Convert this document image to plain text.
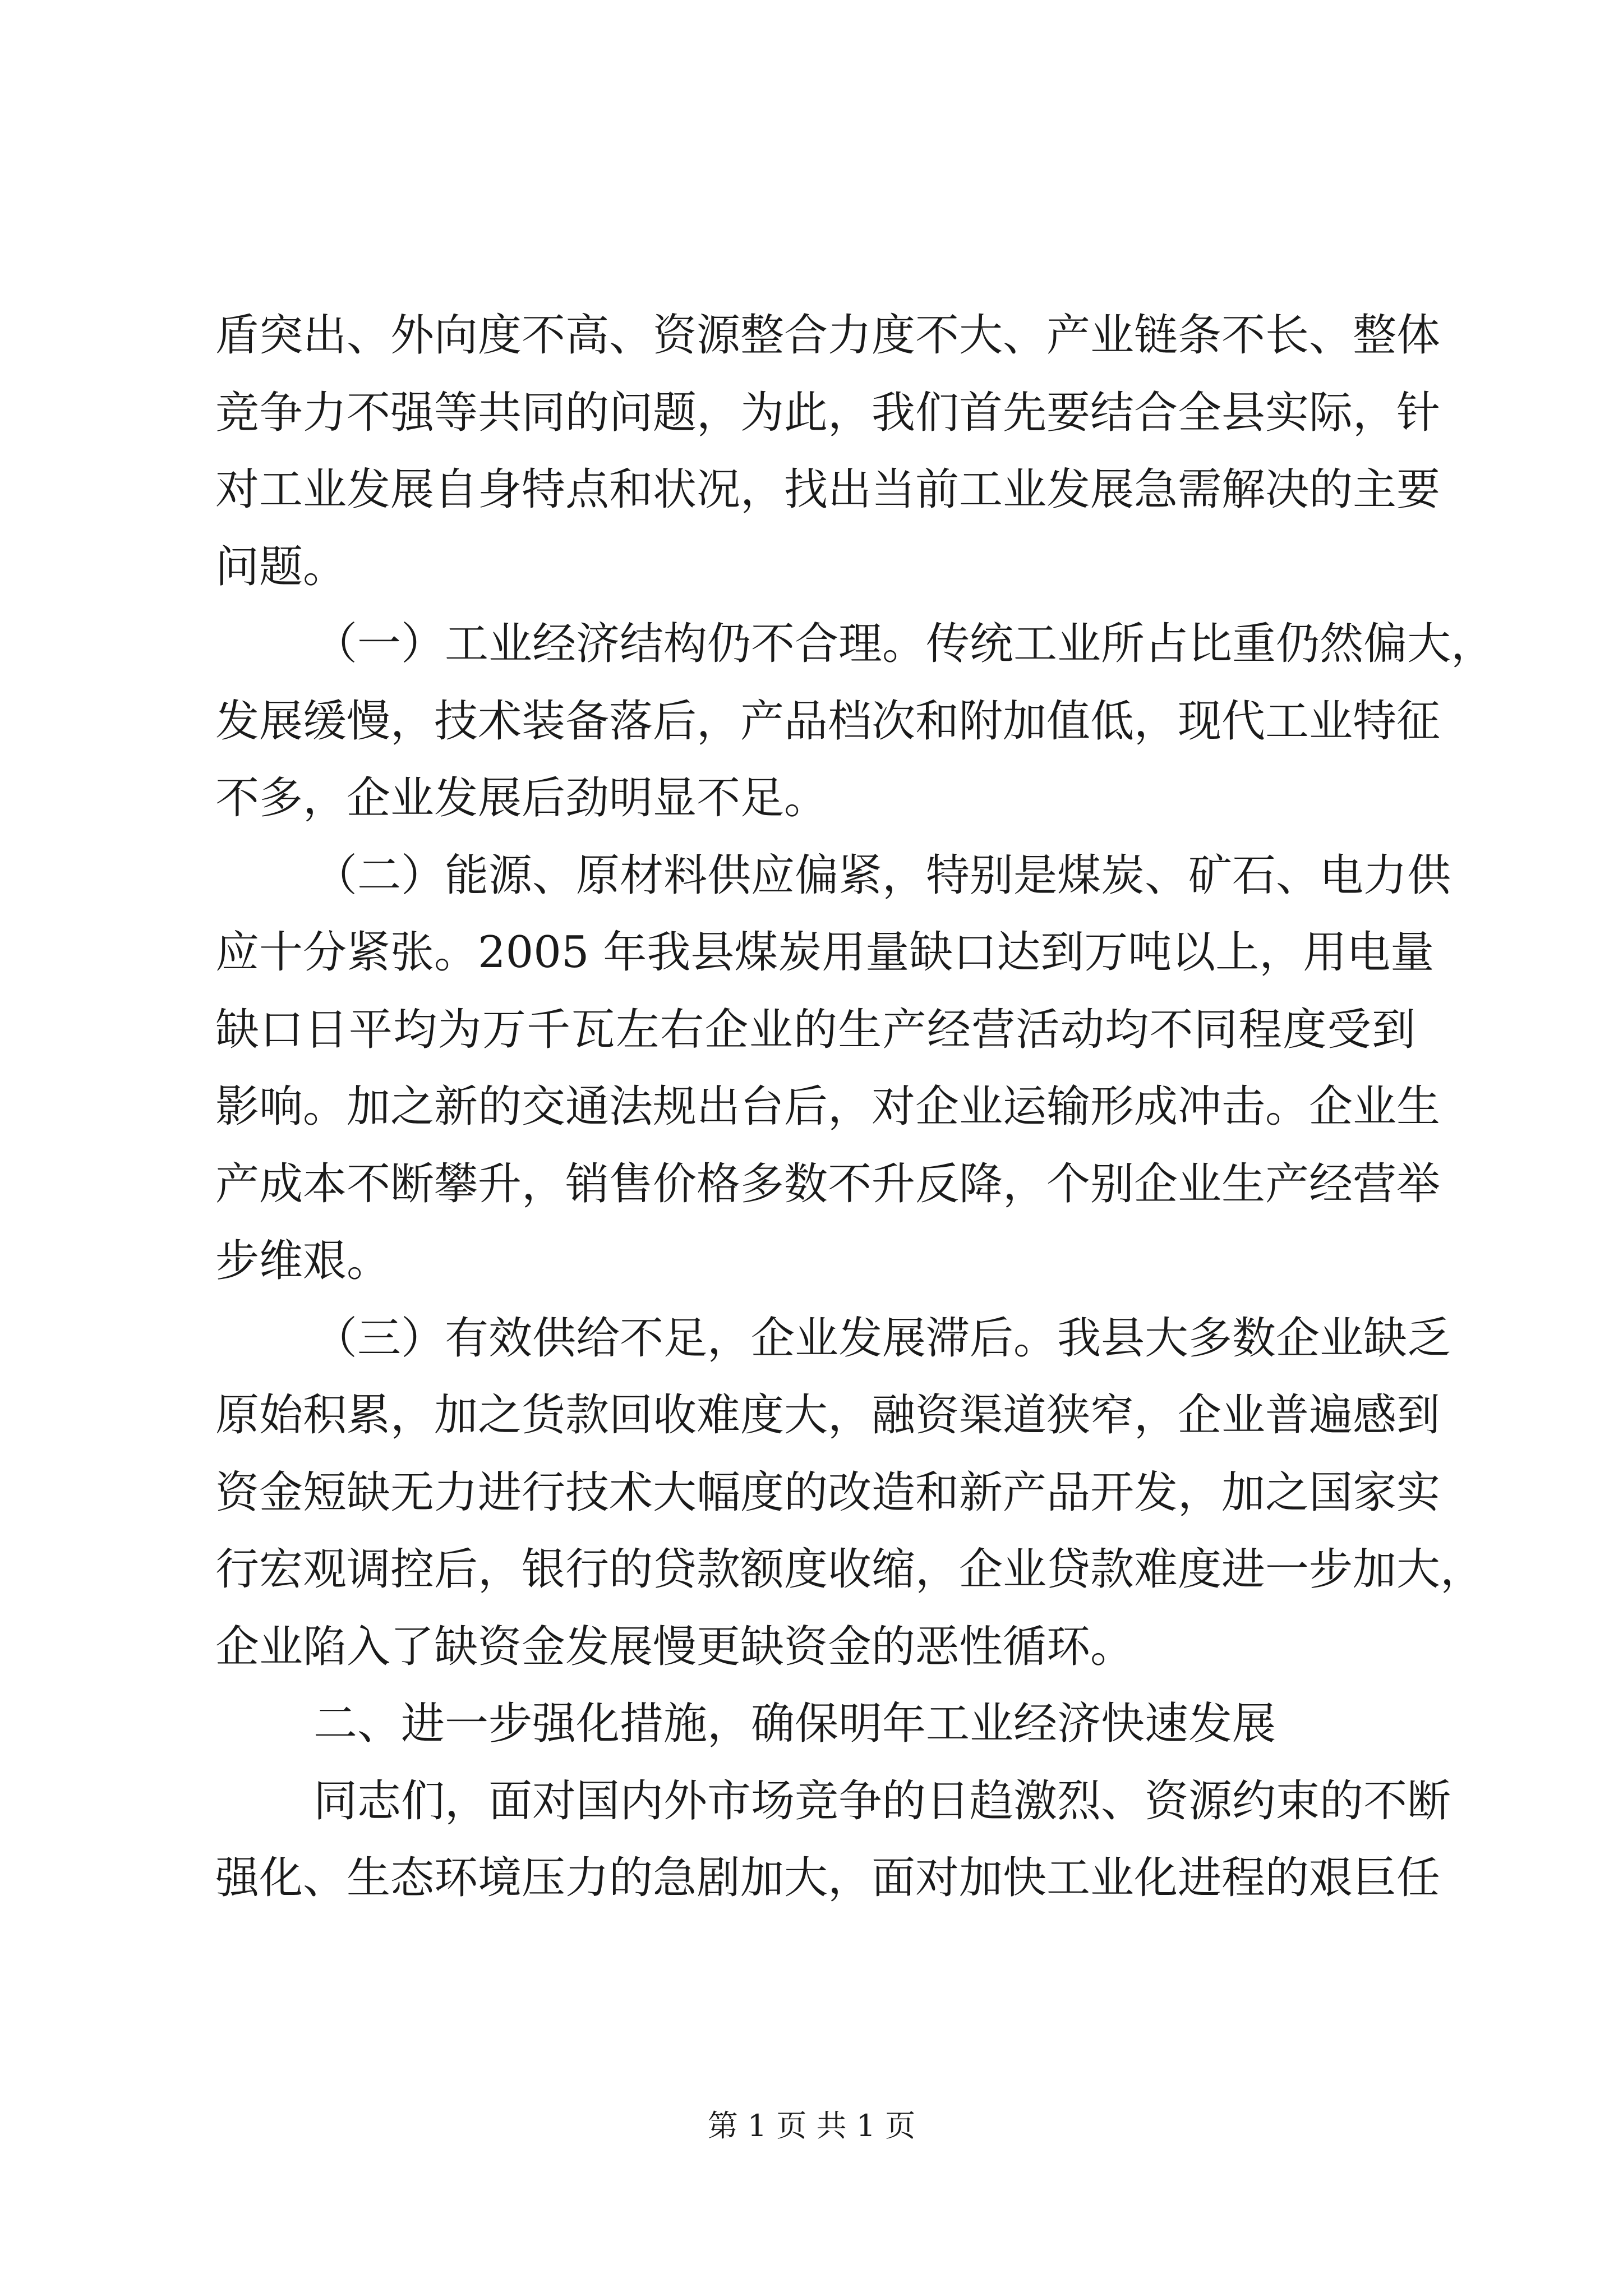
盾突出、外向度不高、资源整合力度不大、产业链条不长、整体
竞争力不强等共同的问题，为此，我们首先要结合全县实际，针
对工业发展自身特点和状况，找出当前工业发展急需解决的主要
问题。
（一）工业经济结构仍不合理。传统工业所占比重仍然偏大，
发展缓慢，技术装备落后，产品档次和附加值低，现代工业特征
不多，企业发展后劲明显不足。
（二）能源、原材料供应偏紧，特别是煤炭、矿石、电力供
应十分紧张。2005 年我县煤炭用量缺口达到万吨以上，用电量
缺口日平均为万千瓦左右企业的生产经营活动均不同程度受到
影响。加之新的交通法规出台后，对企业运输形成冲击。企业生
产成本不断攀升，销售价格多数不升反降，个别企业生产经营举
步维艰。
（三）有效供给不足，企业发展滞后。我县大多数企业缺乏
原始积累，加之货款回收难度大，融资渠道狭窄，企业普遍感到
资金短缺无力进行技术大幅度的改造和新产品开发，加之国家实
行宏观调控后，银行的贷款额度收缩，企业贷款难度进一步加大，
企业陷入了缺资金发展慢更缺资金的恶性循环。
二、进一步强化措施，确保明年工业经济快速发展
同志们，面对国内外市场竞争的日趋激烈、资源约束的不断
强化、生态环境压力的急剧加大，面对加快工业化进程的艰巨任
第 1 页 共 1 页
